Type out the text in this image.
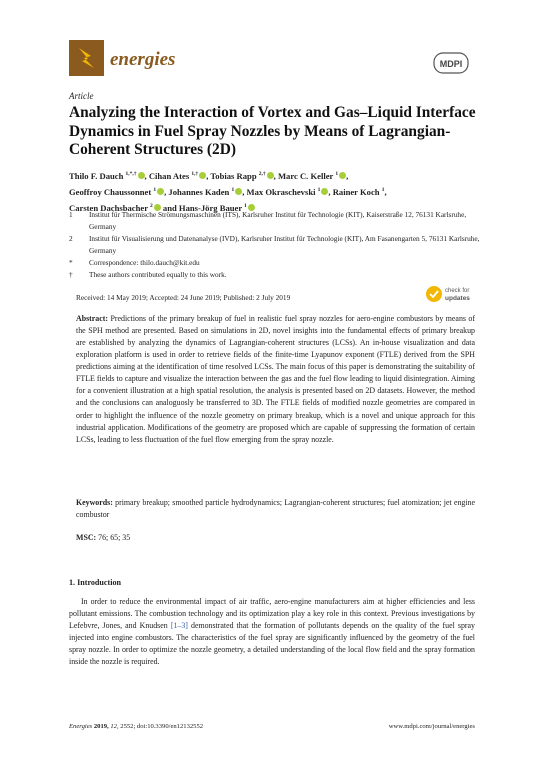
energies	MDPI
Article
Analyzing the Interaction of Vortex and Gas–Liquid Interface Dynamics in Fuel Spray Nozzles by Means of Lagrangian-Coherent Structures (2D)
Thilo F. Dauch $^{1,*,\dagger}$ , Cihan Ates $^{1,\dagger}$ , Tobias Rapp $^{2,\dagger}$ , Marc C. Keller $^1$ ,
Geoffroy Chaussonnet $^1$ , Johannes Kaden $^1$ , Max Okraschevski $^1$ , Rainer Koch $^1$,
Carsten Dachsbacher $^2$ and Hans-Jörg Bauer $^1$
1	Institut für Thermische Strömungsmaschinen (ITS), Karlsruher Institut für Technologie (KIT), Kaiserstraße 12, 76131 Karlsruhe, Germany
2	Institut für Visualisierung und Datenanalyse (IVD), Karlsruher Institut für Technologie (KIT), Am Fasanengarten 5, 76131 Karlsruhe, Germany
*	Correspondence: thilo.dauch@kit.edu
†	These authors contributed equally to this work.
Received: 14 May 2019; Accepted: 24 June 2019; Published: 2 July 2019
check for
updates
Abstract: Predictions of the primary breakup of fuel in realistic fuel spray nozzles for aero-engine combustors by means of the SPH method are presented. Based on simulations in 2D, novel insights into the fundamental effects of primary breakup are established by analyzing the dynamics of Lagrangian-coherent structures (LCSs). An in-house visualization and data exploration platform is used in order to retrieve fields of the finite-time Lyapunov exponent (FTLE) derived from the SPH predictions aiming at the identification of time resolved LCSs. The main focus of this paper is demonstrating the suitability of FTLE fields to capture and visualize the interaction between the gas and the fuel flow leading to liquid disintegration. Aiming for a convenient illustration at a high spatial resolution, the analysis is presented based on 2D datasets. However, the method and the conclusions can analoguosly be transferred to 3D. The FTLE fields of modified nozzle geometries are compared in order to highlight the influence of the nozzle geometry on primary breakup, which is a novel and unique approach for this industrial application. Modifications of the geometry are proposed which are capable of suppressing the formation of certain LCSs, leading to less fluctuation of the fuel flow emerging from the spray nozzle.
Keywords: primary breakup; smoothed particle hydrodynamics; Lagrangian-coherent structures; fuel atomization; jet engine combustor
MSC: 76; 65; 35
1. Introduction
In order to reduce the environmental impact of air traffic, aero-engine manufacturers aim at higher efficiencies and less pollutant emissions. The combustion technology and its optimization play a key role in this context. Previous investigations by Lefebvre, Jones, and Knudsen [1–3] demonstrated that the formation of pollutants depends on the quality of the fuel spray injected into engine combustors. The characteristics of the fuel spray are significantly influenced by the geometry of the fuel spray nozzle. In order to optimize the nozzle geometry, a detailed understanding of the local flow field and the spray formation inside the nozzle is required.
Energies 2019, 12, 2552; doi:10.3390/en12132552	www.mdpi.com/journal/energies
